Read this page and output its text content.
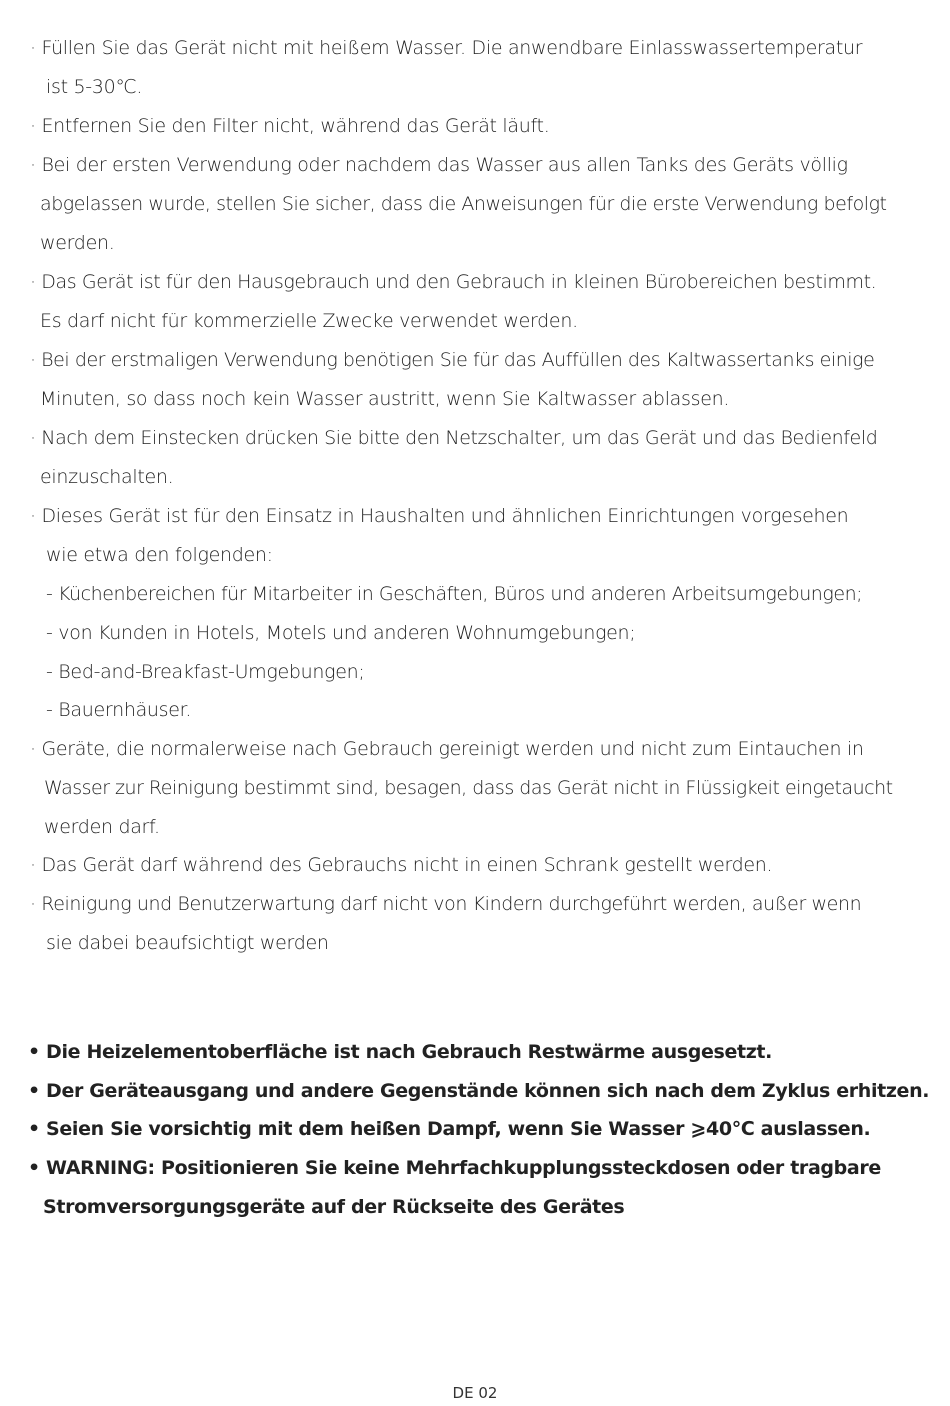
· Füllen Sie das Gerät nicht mit heißem Wasser. Die anwendbare Einlasswassertemperatur
ist 5-30℃.
· Entfernen Sie den Filter nicht, während das Gerät läuft.
· Bei der ersten Verwendung oder nachdem das Wasser aus allen Tanks des Geräts völlig
abgelassen wurde, stellen Sie sicher, dass die Anweisungen für die erste Verwendung befolgt
werden.
· Das Gerät ist für den Hausgebrauch und den Gebrauch in kleinen Bürobereichen bestimmt.
Es darf nicht für kommerzielle Zwecke verwendet werden.
· Bei der erstmaligen Verwendung benötigen Sie für das Auffüllen des Kaltwassertanks einige
Minuten, so dass noch kein Wasser austritt, wenn Sie Kaltwasser ablassen.
· Nach dem Einstecken drücken Sie bitte den Netzschalter, um das Gerät und das Bedienfeld
einzuschalten.
· Dieses Gerät ist für den Einsatz in Haushalten und ähnlichen Einrichtungen vorgesehen
wie etwa den folgenden:
- Küchenbereichen für Mitarbeiter in Geschäften, Büros und anderen Arbeitsumgebungen;
- von Kunden in Hotels, Motels und anderen Wohnumgebungen;
- Bed-and-Breakfast-Umgebungen;
- Bauernhäuser.
· Geräte, die normalerweise nach Gebrauch gereinigt werden und nicht zum Eintauchen in
Wasser zur Reinigung bestimmt sind, besagen, dass das Gerät nicht in Flüssigkeit eingetaucht
werden darf.
· Das Gerät darf während des Gebrauchs nicht in einen Schrank gestellt werden.
· Reinigung und Benutzerwartung darf nicht von Kindern durchgeführt werden, außer wenn
sie dabei beaufsichtigt werden
• Die Heizelementoberfläche ist nach Gebrauch Restwärme ausgesetzt.
• Der Geräteausgang und andere Gegenstände können sich nach dem Zyklus erhitzen.
• Seien Sie vorsichtig mit dem heißen Dampf, wenn Sie Wasser ⩾40℃ auslassen.
• WARNING: Positionieren Sie keine Mehrfachkupplungssteckdosen oder tragbare
Stromversorgungsgeräte auf der Rückseite des Gerätes
DE 02
